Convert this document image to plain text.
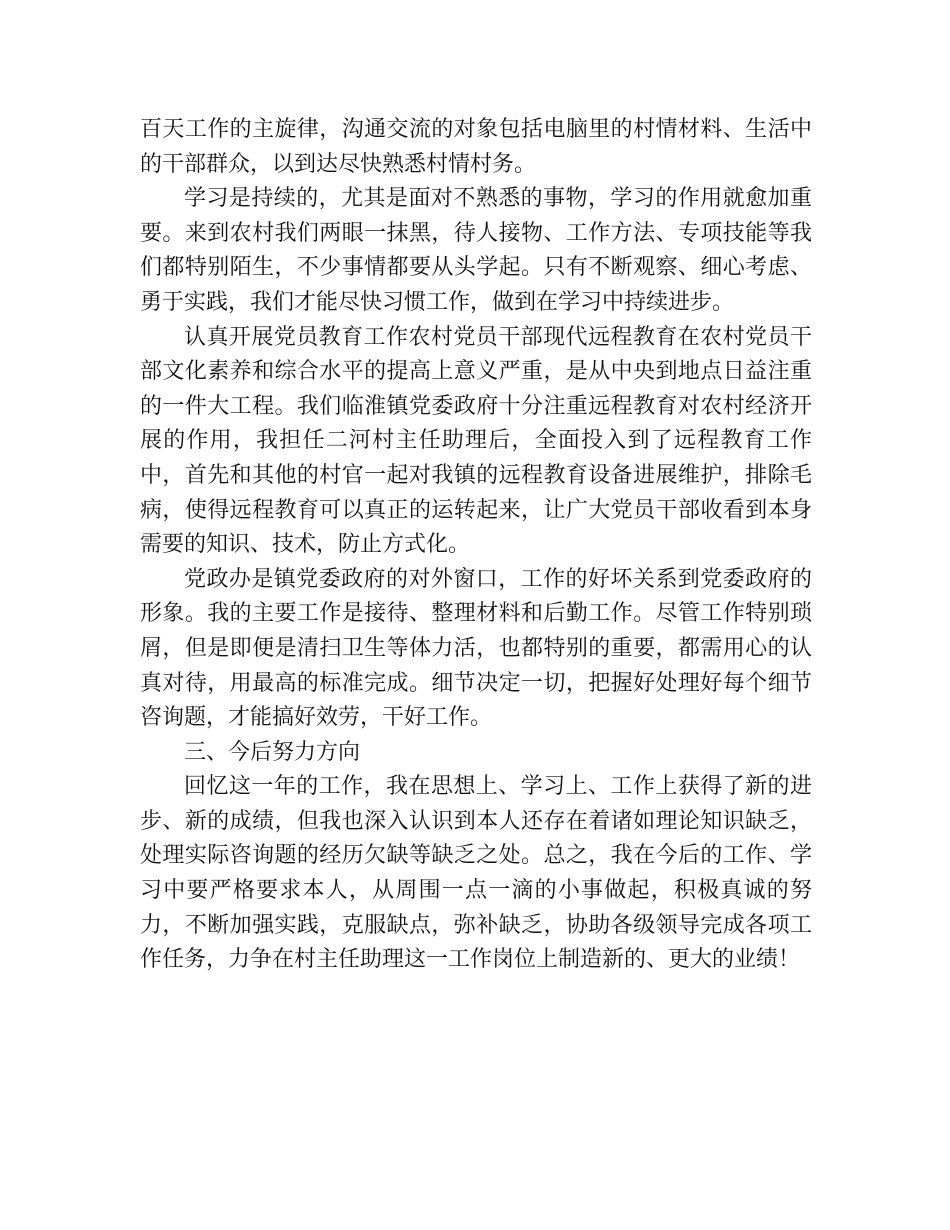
百天工作的主旋律，沟通交流的对象包括电脑里的村情材料、生活中的干部群众，以到达尽快熟悉村情村务。

学习是持续的，尤其是面对不熟悉的事物，学习的作用就愈加重要。来到农村我们两眼一抹黑，待人接物、工作方法、专项技能等我们都特别陌生，不少事情都要从头学起。只有不断观察、细心考虑、勇于实践，我们才能尽快习惯工作，做到在学习中持续进步。

认真开展党员教育工作农村党员干部现代远程教育在农村党员干部文化素养和综合水平的提高上意义严重，是从中央到地点日益注重的一件大工程。我们临淮镇党委政府十分注重远程教育对农村经济开展的作用，我担任二河村主任助理后，全面投入到了远程教育工作中，首先和其他的村官一起对我镇的远程教育设备进展维护，排除毛病，使得远程教育可以真正的运转起来，让广大党员干部收看到本身需要的知识、技术，防止方式化。

党政办是镇党委政府的对外窗口，工作的好坏关系到党委政府的形象。我的主要工作是接待、整理材料和后勤工作。尽管工作特别琐屑，但是即便是清扫卫生等体力活，也都特别的重要，都需用心的认真对待，用最高的标准完成。细节决定一切，把握好处理好每个细节咨询题，才能搞好效劳，干好工作。

三、今后努力方向

回忆这一年的工作，我在思想上、学习上、工作上获得了新的进步、新的成绩，但我也深入认识到本人还存在着诸如理论知识缺乏，处理实际咨询题的经历欠缺等缺乏之处。总之，我在今后的工作、学习中要严格要求本人，从周围一点一滴的小事做起，积极真诚的努力，不断加强实践，克服缺点，弥补缺乏，协助各级领导完成各项工作任务，力争在村主任助理这一工作岗位上制造新的、更大的业绩！
